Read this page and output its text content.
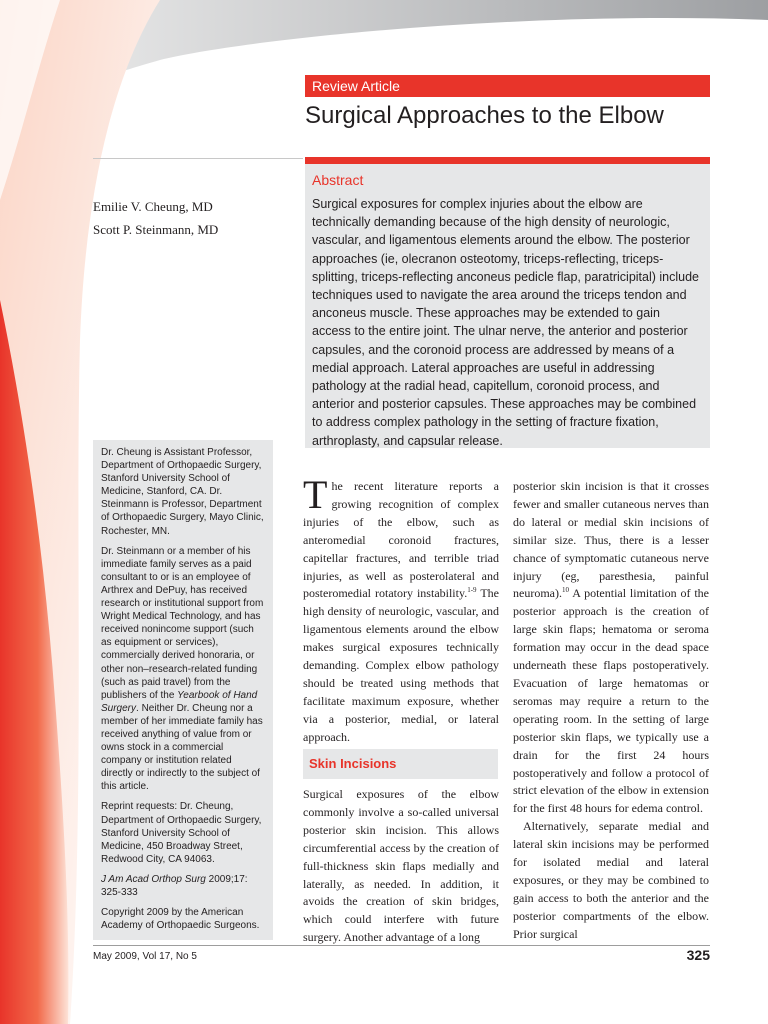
Review Article
Surgical Approaches to the Elbow
Emilie V. Cheung, MD
Scott P. Steinmann, MD
Abstract
Surgical exposures for complex injuries about the elbow are technically demanding because of the high density of neurologic, vascular, and ligamentous elements around the elbow. The posterior approaches (ie, olecranon osteotomy, triceps-reflecting, triceps-splitting, triceps-reflecting anconeus pedicle flap, paratricipital) include techniques used to navigate the area around the triceps tendon and anconeus muscle. These approaches may be extended to gain access to the entire joint. The ulnar nerve, the anterior and posterior capsules, and the coronoid process are addressed by means of a medial approach. Lateral approaches are useful in addressing pathology at the radial head, capitellum, coronoid process, and anterior and posterior capsules. These approaches may be combined to address complex pathology in the setting of fracture fixation, arthroplasty, and capsular release.

Dr. Cheung is Assistant Professor, Department of Orthopaedic Surgery, Stanford University School of Medicine, Stanford, CA. Dr. Steinmann is Professor, Department of Orthopaedic Surgery, Mayo Clinic, Rochester, MN.

Dr. Steinmann or a member of his immediate family serves as a paid consultant to or is an employee of Arthrex and DePuy, has received research or institutional support from Wright Medical Technology, and has received nonincome support (such as equipment or services), commercially derived honoraria, or other non–research-related funding (such as paid travel) from the publishers of the Yearbook of Hand Surgery. Neither Dr. Cheung nor a member of her immediate family has received anything of value from or owns stock in a commercial company or institution related directly or indirectly to the subject of this article.

Reprint requests: Dr. Cheung, Department of Orthopaedic Surgery, Stanford University School of Medicine, 450 Broadway Street, Redwood City, CA 94063.

J Am Acad Orthop Surg 2009;17: 325-333

Copyright 2009 by the American Academy of Orthopaedic Surgeons.

The recent literature reports a growing recognition of complex injuries of the elbow, such as anteromedial coronoid fractures, capitellar fractures, and terrible triad injuries, as well as posterolateral and posteromedial rotatory instability.$^{1-9}$ The high density of neurologic, vascular, and ligamentous elements around the elbow makes surgical exposures technically demanding. Complex elbow pathology should be treated using methods that facilitate maximum exposure, whether via a posterior, medial, or lateral approach.

Skin Incisions

Surgical exposures of the elbow commonly involve a so-called universal posterior skin incision. This allows circumferential access by the creation of full-thickness skin flaps medially and laterally, as needed. In addition, it avoids the creation of skin bridges, which could interfere with future surgery. Another advantage of a long

posterior skin incision is that it crosses fewer and smaller cutaneous nerves than do lateral or medial skin incisions of similar size. Thus, there is a lesser chance of symptomatic cutaneous nerve injury (eg, paresthesia, painful neuroma).$^{10}$ A potential limitation of the posterior approach is the creation of large skin flaps; hematoma or seroma formation may occur in the dead space underneath these flaps postoperatively. Evacuation of large hematomas or seromas may require a return to the operating room. In the setting of large posterior skin flaps, we typically use a drain for the first 24 hours postoperatively and follow a protocol of strict elevation of the elbow in extension for the first 48 hours for edema control.

Alternatively, separate medial and lateral skin incisions may be performed for isolated medial and lateral exposures, or they may be combined to gain access to both the anterior and the posterior compartments of the elbow. Prior surgical

May 2009, Vol 17, No 5	325
